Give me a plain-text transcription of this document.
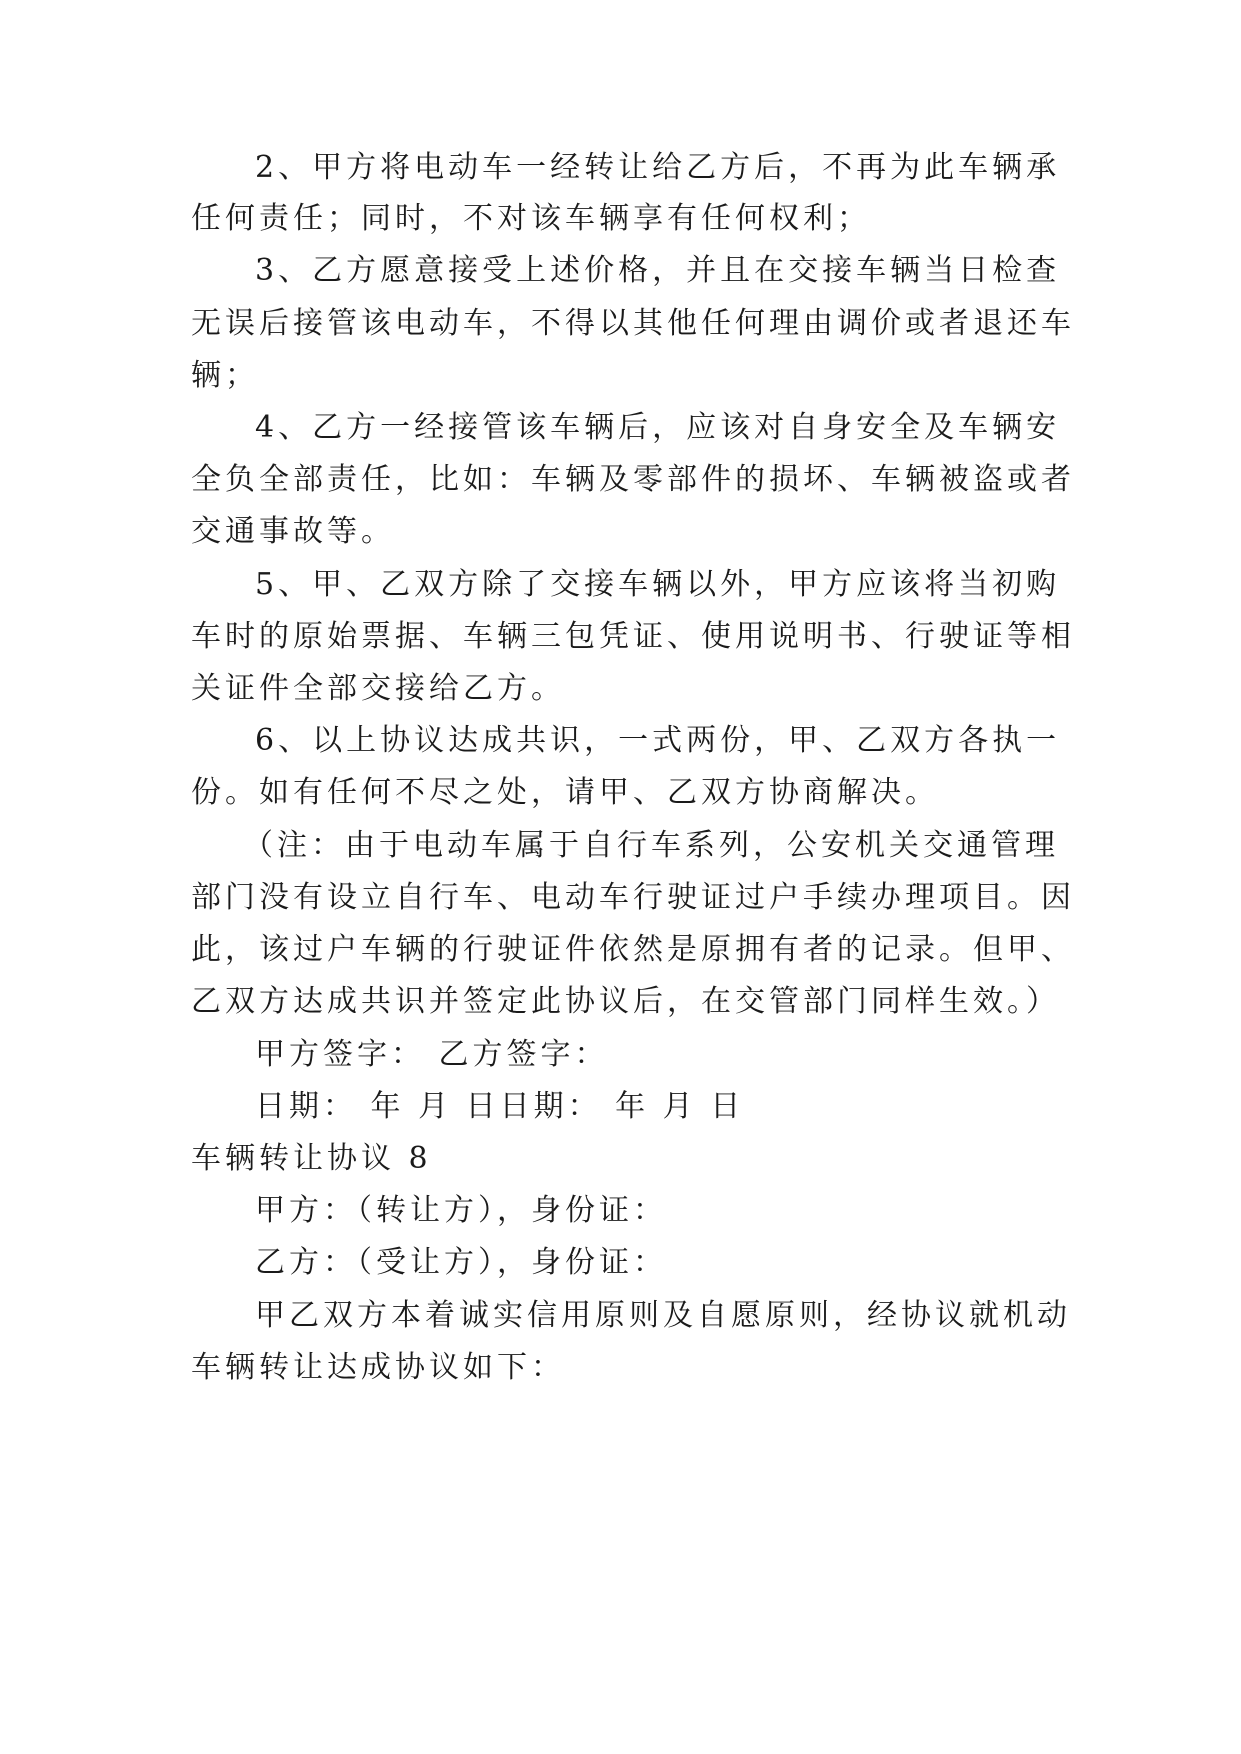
2、甲方将电动车一经转让给乙方后，不再为此车辆承
任何责任；同时，不对该车辆享有任何权利；
3、乙方愿意接受上述价格，并且在交接车辆当日检查
无误后接管该电动车，不得以其他任何理由调价或者退还车
辆；
4、乙方一经接管该车辆后，应该对自身安全及车辆安
全负全部责任，比如：车辆及零部件的损坏、车辆被盗或者
交通事故等。
5、甲、乙双方除了交接车辆以外，甲方应该将当初购
车时的原始票据、车辆三包凭证、使用说明书、行驶证等相
关证件全部交接给乙方。
6、以上协议达成共识，一式两份，甲、乙双方各执一
份。如有任何不尽之处，请甲、乙双方协商解决。
（注：由于电动车属于自行车系列，公安机关交通管理
部门没有设立自行车、电动车行驶证过户手续办理项目。因
此，该过户车辆的行驶证件依然是原拥有者的记录。但甲、
乙双方达成共识并签定此协议后，在交管部门同样生效。）
甲方签字： 乙方签字：
日期： 年 月 日日期： 年 月 日
车辆转让协议 8
甲方：（转让方），身份证：
乙方：（受让方），身份证：
甲乙双方本着诚实信用原则及自愿原则，经协议就机动
车辆转让达成协议如下：
